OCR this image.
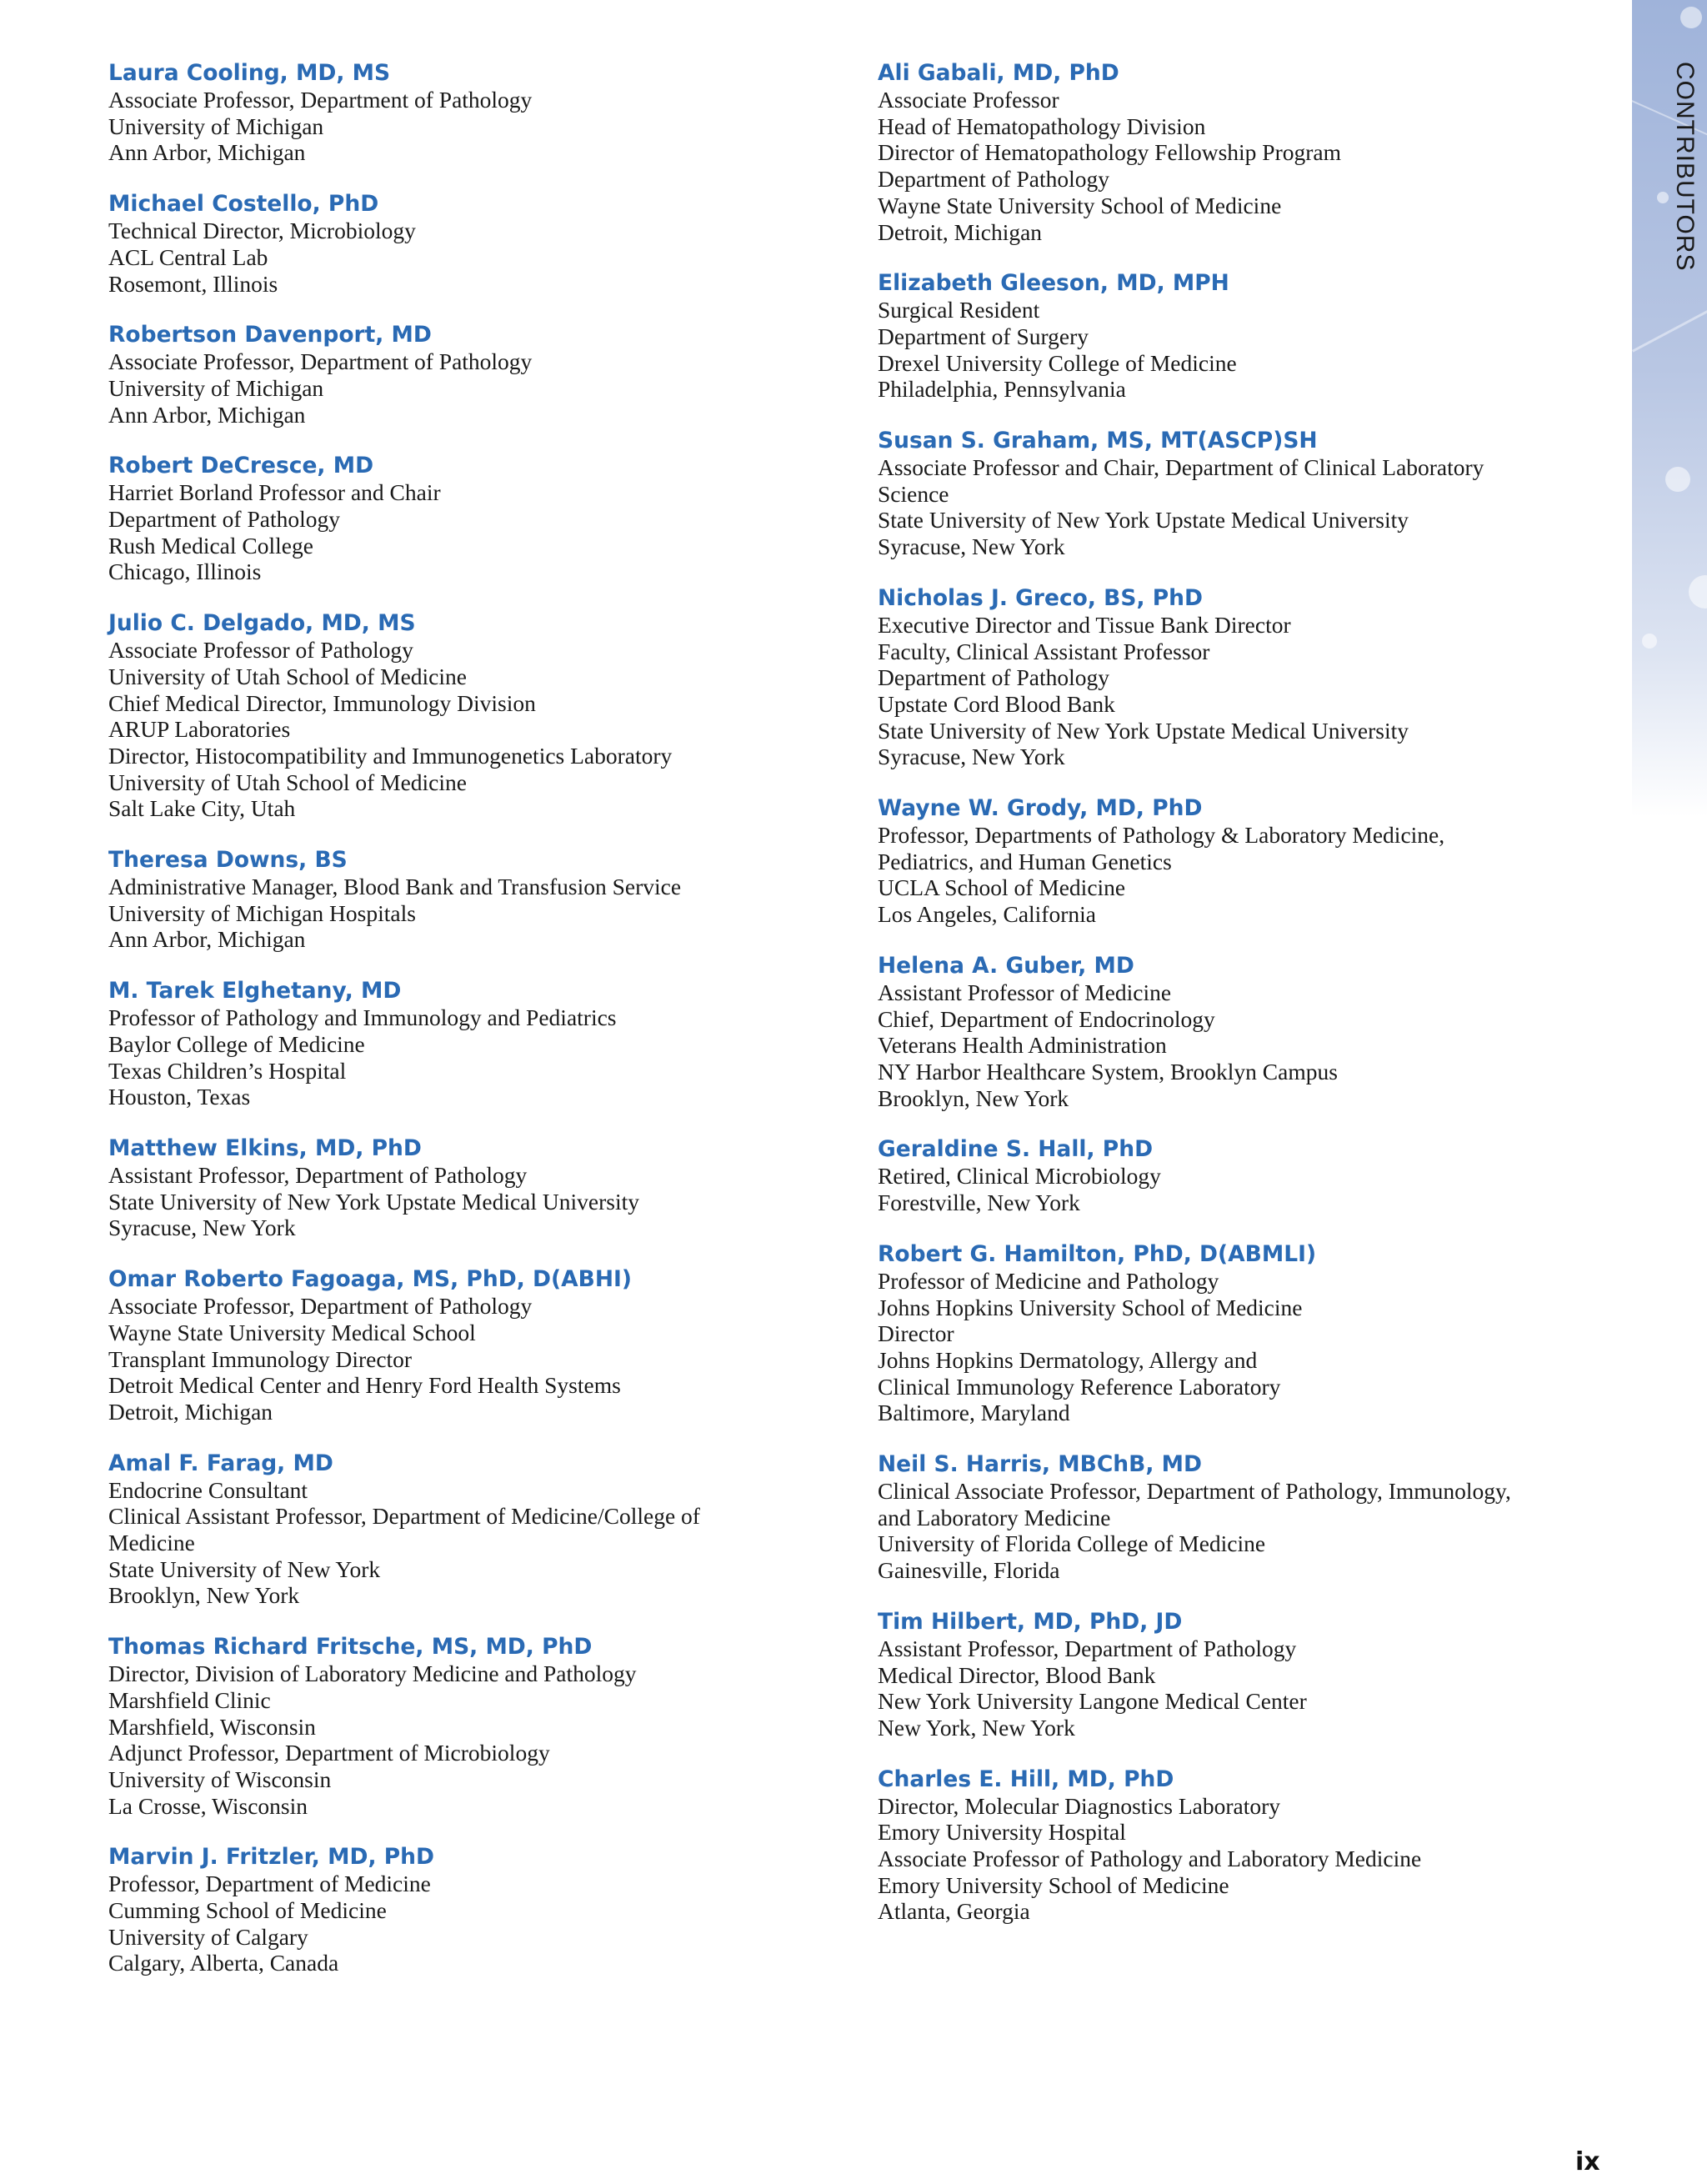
CONTRIBUTORS
Laura Cooling, MD, MS
Associate Professor, Department of Pathology
University of Michigan
Ann Arbor, Michigan
Michael Costello, PhD
Technical Director, Microbiology
ACL Central Lab
Rosemont, Illinois
Robertson Davenport, MD
Associate Professor, Department of Pathology
University of Michigan
Ann Arbor, Michigan
Robert DeCresce, MD
Harriet Borland Professor and Chair
Department of Pathology
Rush Medical College
Chicago, Illinois
Julio C. Delgado, MD, MS
Associate Professor of Pathology
University of Utah School of Medicine
Chief Medical Director, Immunology Division
ARUP Laboratories
Director, Histocompatibility and Immunogenetics Laboratory
University of Utah School of Medicine
Salt Lake City, Utah
Theresa Downs, BS
Administrative Manager, Blood Bank and Transfusion Service
University of Michigan Hospitals
Ann Arbor, Michigan
M. Tarek Elghetany, MD
Professor of Pathology and Immunology and Pediatrics
Baylor College of Medicine
Texas Children’s Hospital
Houston, Texas
Matthew Elkins, MD, PhD
Assistant Professor, Department of Pathology
State University of New York Upstate Medical University
Syracuse, New York
Omar Roberto Fagoaga, MS, PhD, D(ABHI)
Associate Professor, Department of Pathology
Wayne State University Medical School
Transplant Immunology Director
Detroit Medical Center and Henry Ford Health Systems
Detroit, Michigan
Amal F. Farag, MD
Endocrine Consultant
Clinical Assistant Professor, Department of Medicine/College of
Medicine
State University of New York
Brooklyn, New York
Thomas Richard Fritsche, MS, MD, PhD
Director, Division of Laboratory Medicine and Pathology
Marshfield Clinic
Marshfield, Wisconsin
Adjunct Professor, Department of Microbiology
University of Wisconsin
La Crosse, Wisconsin
Marvin J. Fritzler, MD, PhD
Professor, Department of Medicine
Cumming School of Medicine
University of Calgary
Calgary, Alberta, Canada
Ali Gabali, MD, PhD
Associate Professor
Head of Hematopathology Division
Director of Hematopathology Fellowship Program
Department of Pathology
Wayne State University School of Medicine
Detroit, Michigan
Elizabeth Gleeson, MD, MPH
Surgical Resident
Department of Surgery
Drexel University College of Medicine
Philadelphia, Pennsylvania
Susan S. Graham, MS, MT(ASCP)SH
Associate Professor and Chair, Department of Clinical Laboratory
Science
State University of New York Upstate Medical University
Syracuse, New York
Nicholas J. Greco, BS, PhD
Executive Director and Tissue Bank Director
Faculty, Clinical Assistant Professor
Department of Pathology
Upstate Cord Blood Bank
State University of New York Upstate Medical University
Syracuse, New York
Wayne W. Grody, MD, PhD
Professor, Departments of Pathology & Laboratory Medicine,
Pediatrics, and Human Genetics
UCLA School of Medicine
Los Angeles, California
Helena A. Guber, MD
Assistant Professor of Medicine
Chief, Department of Endocrinology
Veterans Health Administration
NY Harbor Healthcare System, Brooklyn Campus
Brooklyn, New York
Geraldine S. Hall, PhD
Retired, Clinical Microbiology
Forestville, New York
Robert G. Hamilton, PhD, D(ABMLI)
Professor of Medicine and Pathology
Johns Hopkins University School of Medicine
Director
Johns Hopkins Dermatology, Allergy and
Clinical Immunology Reference Laboratory
Baltimore, Maryland
Neil S. Harris, MBChB, MD
Clinical Associate Professor, Department of Pathology, Immunology,
and Laboratory Medicine
University of Florida College of Medicine
Gainesville, Florida
Tim Hilbert, MD, PhD, JD
Assistant Professor, Department of Pathology
Medical Director, Blood Bank
New York University Langone Medical Center
New York, New York
Charles E. Hill, MD, PhD
Director, Molecular Diagnostics Laboratory
Emory University Hospital
Associate Professor of Pathology and Laboratory Medicine
Emory University School of Medicine
Atlanta, Georgia
ix
